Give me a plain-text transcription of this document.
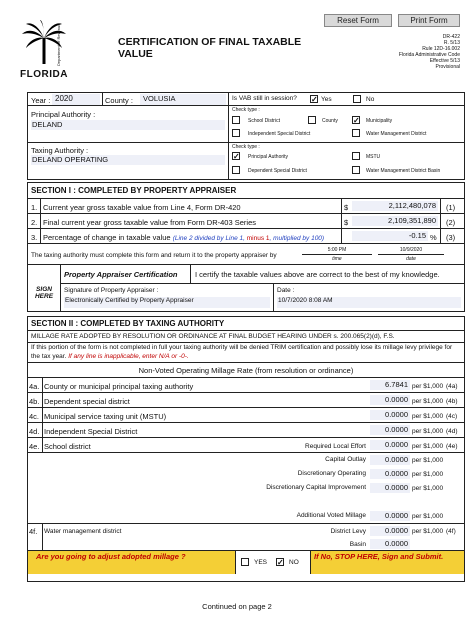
Reset Form	Print Form
FLORIDA
Department of Revenue	CERTIFICATION OF FINAL TAXABLE VALUE
DR-422
R. 5/13
Rule 12D-16.002
Florida Administrative Code
Effective 5/13
Provisional
Year : 2020	County :	VOLUSIA	Is VAB still in session? ✓ Yes	No
Principal Authority :
DELAND
Check type :
School District	County ✓ Municipality
Independent Special District	Water Management District
Taxing Authority :
DELAND OPERATING
Check type :
✓ Principal Authority	MSTU
Dependent Special District	Water Management District Basin
SECTION I : COMPLETED BY PROPERTY APPRAISER
1. Current year gross taxable value from Line 4, Form DR-420	$	2,112,480,078 (1)
2. Final current year gross taxable value from Form DR-403 Series	$	2,109,351,890 (2)
3. Percentage of change in taxable value (Line 2 divided by Line 1, minus 1, multiplied by 100)	-0.15 % (3)
The taxing authority must complete this form and return it to the property appraiser by
5:00 PM
time
10/9/2020
date
Property Appraiser Certification I certify the taxable values above are correct to the best of my knowledge.
SIGN HERE
Signature of Property Appraiser :
Electronically Certified by Property Appraiser
Date :
10/7/2020 8:08 AM
SECTION II : COMPLETED BY TAXING AUTHORITY
MILLAGE RATE ADOPTED BY RESOLUTION OR ORDINANCE AT FINAL BUDGET HEARING UNDER s. 200.065(2)(d), F.S.
If this portion of the form is not completed in full your taxing authority will be denied TRIM certification and possibly lose its millage levy privilege for the tax year. If any line is inapplicable, enter N/A or -0-.
Non-Voted Operating Millage Rate (from resolution or ordinance)
4a. County or municipal principal taxing authority	6.7841 per $1,000 (4a)
4b. Dependent special district	0.0000 per $1,000 (4b)
4c. Municipal service taxing unit (MSTU)	0.0000 per $1,000 (4c)
4d. Independent Special District	0.0000 per $1,000 (4d)
4e. School district	Required Local Effort	0.0000 per $1,000 (4e)
Capital Outlay	0.0000 per $1,000
Discretionary Operating	0.0000 per $1,000
Discretionary Capital Improvement	0.0000 per $1,000
Additional Voted Millage	0.0000 per $1,000
4f. Water management district	District Levy	0.0000 per $1,000 (4f)
Basin	0.0000
Are you going to adjust adopted millage ?
YES ✓ NO
If No, STOP HERE, Sign and Submit.
Continued on page 2
